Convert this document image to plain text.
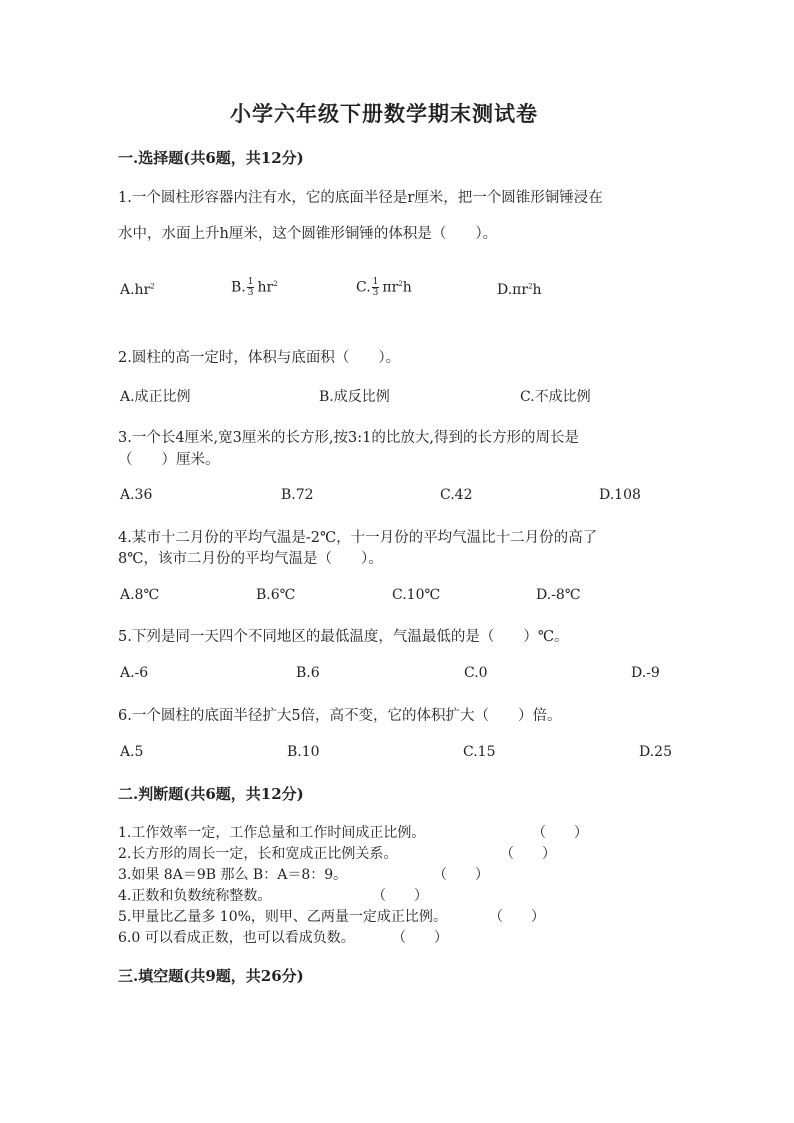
小学六年级下册数学期末测试卷
一.选择题(共6题，共12分)
1.一个圆柱形容器内注有水，它的底面半径是r厘米，把一个圆锥形铜锤浸在
水中，水面上升h厘米，这个圆锥形铜锤的体积是（　　）。
$A.hr^2$	B. $\frac{1}{3} hr^2$	C. $\frac{1}{3} \pi r^2h$	$D.\pi r^2h$
2.圆柱的高一定时，体积与底面积（　　）。
A.成正比例	B.成反比例	C.不成比例
3.一个长4厘米,宽3厘米的长方形,按3:1的比放大,得到的长方形的周长是
（　　）厘米。
A.36	B.72	C.42	D.108
4.某市十二月份的平均气温是-2℃，十一月份的平均气温比十二月份的高了
8℃，该市二月份的平均气温是（　　）。
A.8℃	B.6℃	C.10℃	D.-8℃
5.下列是同一天四个不同地区的最低温度，气温最低的是（　　）℃。
A.-6	B.6	C.0	D.-9
6.一个圆柱的底面半径扩大5倍，高不变，它的体积扩大（　　）倍。
A.5	B.10	C.15	D.25
二.判断题(共6题，共12分)
1.工作效率一定，工作总量和工作时间成正比例。	（　　）
2.长方形的周长一定，长和宽成正比例关系。	（　　）
3.如果 8A＝9B 那么 B：A＝8：9。	（　　）
4.正数和负数统称整数。	（　　）
5.甲量比乙量多 10%，则甲、乙两量一定成正比例。	（　　）
6.0 可以看成正数，也可以看成负数。	（　　）
三.填空题(共9题，共26分)
